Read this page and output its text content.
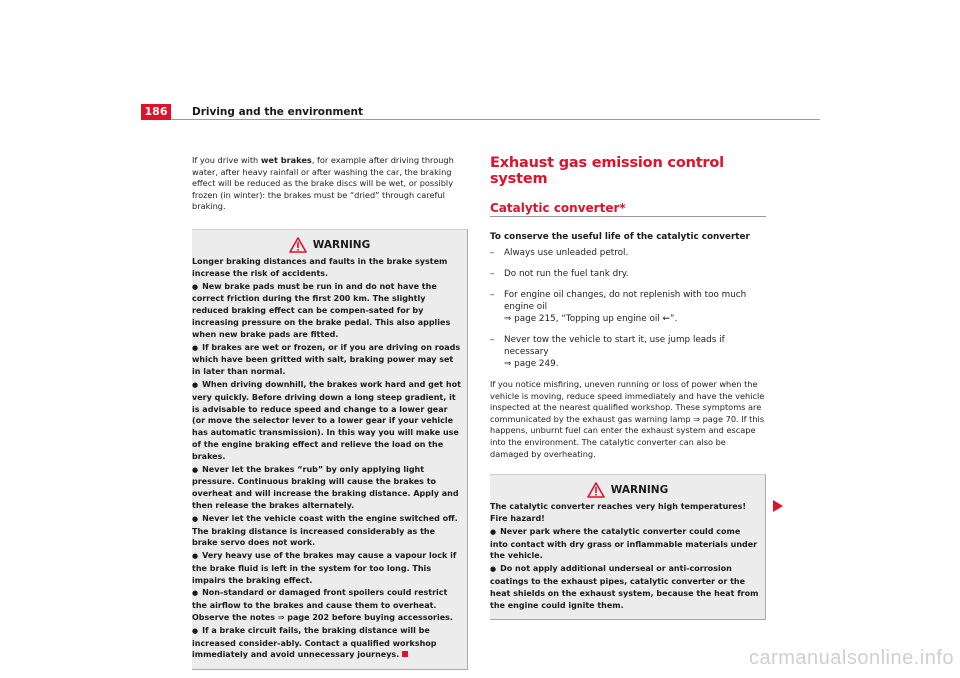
186	Driving and the environment

If you drive with wet brakes, for example after driving through water, after heavy rainfall or after washing the car, the braking effect will be reduced as the brake discs will be wet, or possibly frozen (in winter): the brakes must be “dried” through careful braking.

WARNING
Longer braking distances and faults in the brake system increase the risk of accidents.
● New brake pads must be run in and do not have the correct friction during the first 200 km. The slightly reduced braking effect can be compen-sated for by increasing pressure on the brake pedal. This also applies when new brake pads are fitted.
● If brakes are wet or frozen, or if you are driving on roads which have been gritted with salt, braking power may set in later than normal.
● When driving downhill, the brakes work hard and get hot very quickly. Before driving down a long steep gradient, it is advisable to reduce speed and change to a lower gear (or move the selector lever to a lower gear if your vehicle has automatic transmission). In this way you will make use of the engine braking effect and relieve the load on the brakes.
● Never let the brakes “rub” by only applying light pressure. Continuous braking will cause the brakes to overheat and will increase the braking distance. Apply and then release the brakes alternately.
● Never let the vehicle coast with the engine switched off. The braking distance is increased considerably as the brake servo does not work.
● Very heavy use of the brakes may cause a vapour lock if the brake fluid is left in the system for too long. This impairs the braking effect.
● Non-standard or damaged front spoilers could restrict the airflow to the brakes and cause them to overheat. Observe the notes ⇒ page 202 before buying accessories.
● If a brake circuit fails, the braking distance will be increased consider-ably. Contact a qualified workshop immediately and avoid unnecessary journeys.
Exhaust gas emission control system
Catalytic converter*
To conserve the useful life of the catalytic converter
– Always use unleaded petrol.
– Do not run the fuel tank dry.
– For engine oil changes, do not replenish with too much engine oil
⇒ page 215, “Topping up engine oil ⇜”.
– Never tow the vehicle to start it, use jump leads if necessary
⇒ page 249.

If you notice misfiring, uneven running or loss of power when the vehicle is moving, reduce speed immediately and have the vehicle inspected at the nearest qualified workshop. These symptoms are communicated by the exhaust gas warning lamp ⇒ page 70. If this happens, unburnt fuel can enter the exhaust system and escape into the environment. The catalytic converter can also be damaged by overheating.

WARNING
The catalytic converter reaches very high temperatures! Fire hazard!
● Never park where the catalytic converter could come into contact with dry grass or inflammable materials under the vehicle.
● Do not apply additional underseal or anti-corrosion coatings to the exhaust pipes, catalytic converter or the heat shields on the exhaust system, because the heat from the engine could ignite them.
carmanualsonline.info
